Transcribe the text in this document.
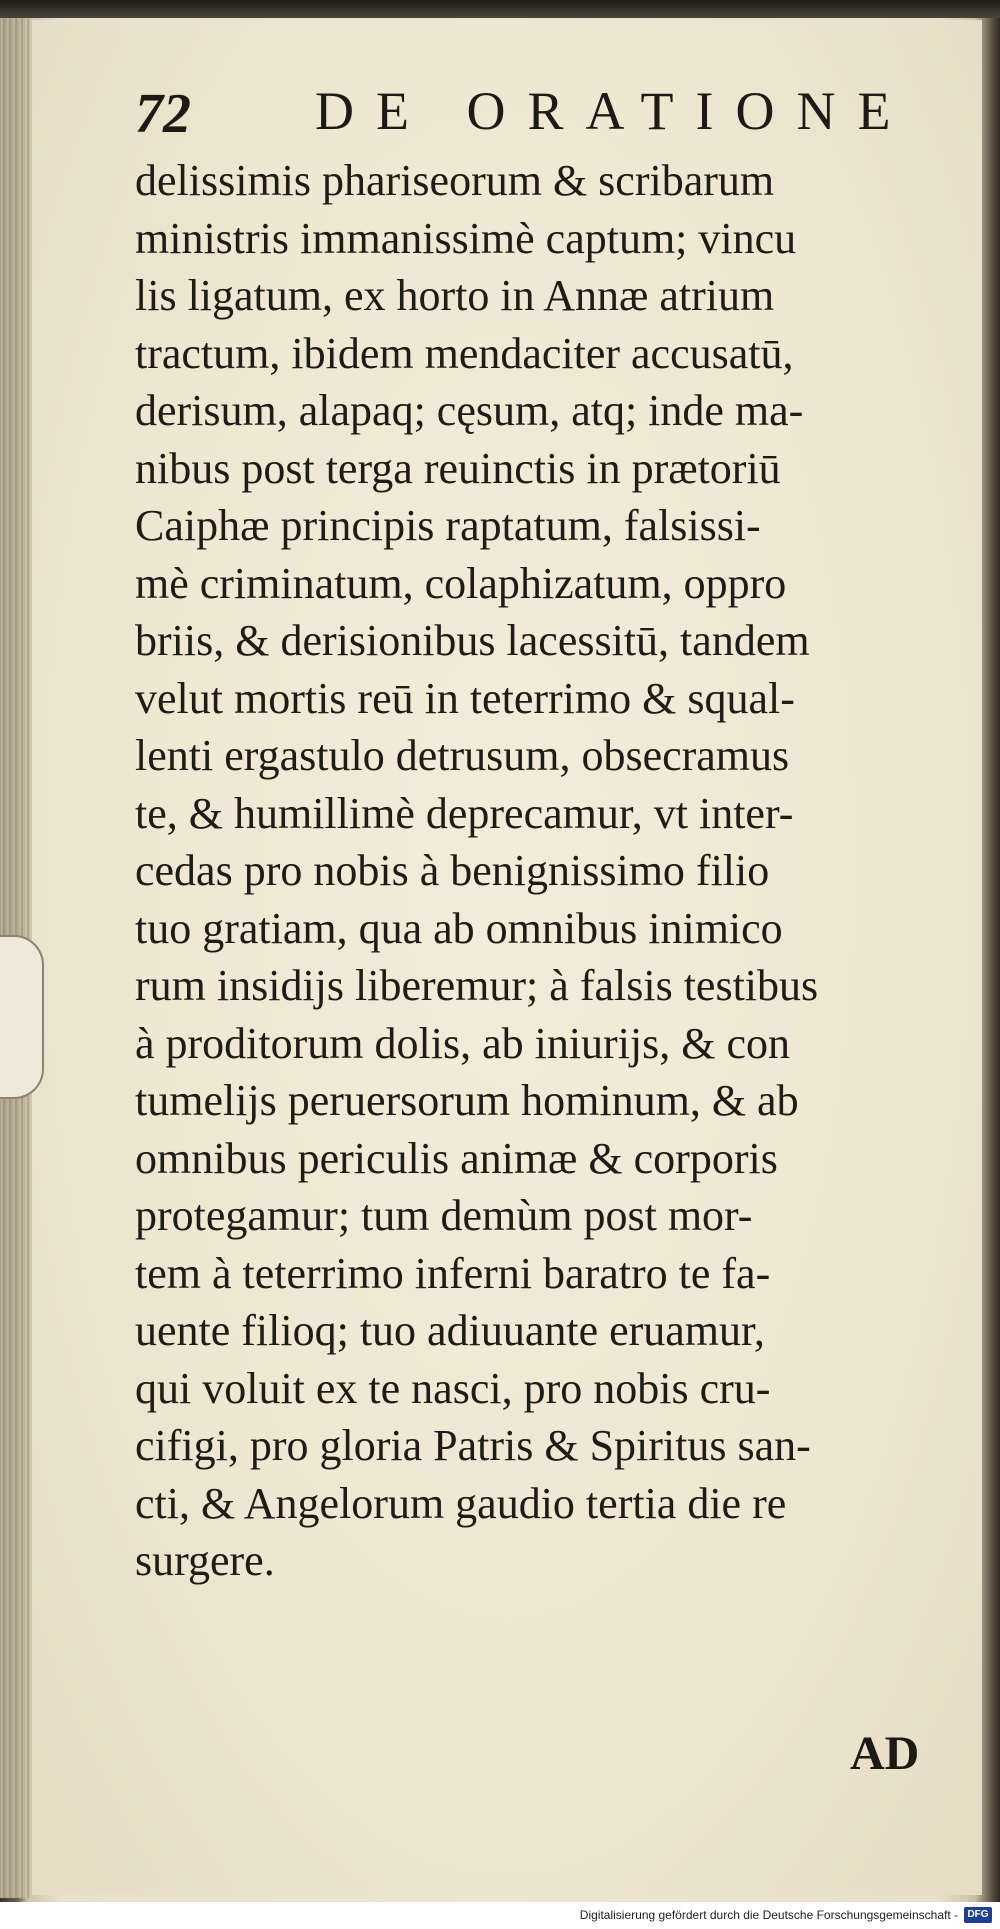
72 DE ORATIONE
delissimis phariseorum & scribarum
ministris immanissimè captum; vincu
lis ligatum, ex horto in Annæ atrium
tractum, ibidem mendaciter accusatū,
derisum, alapaq; cęsum, atq; inde ma-
nibus post terga reuinctis in prætoriū
Caiphæ principis raptatum, falsissi-
mè criminatum, colaphizatum, oppro
briis, & derisionibus lacessitū, tandem
velut mortis reū in teterrimo & squal-
lenti ergastulo detrusum, obsecramus
te, & humillimè deprecamur, vt inter-
cedas pro nobis à benignissimo filio
tuo gratiam, qua ab omnibus inimico
rum insidijs liberemur; à falsis testibus
à proditorum dolis, ab iniurijs, & con
tumelijs peruersorum hominum, & ab
omnibus periculis animæ & corporis
protegamur; tum demùm post mor-
tem à teterrimo inferni baratro te fa-
uente filioq; tuo adiuuante eruamur,
qui voluit ex te nasci, pro nobis cru-
cifigi, pro gloria Patris & Spiritus san-
cti, & Angelorum gaudio tertia die re
surgere.
AD
Digitalisierung gefördert durch die Deutsche Forschungsgemeinschaft - DFG
